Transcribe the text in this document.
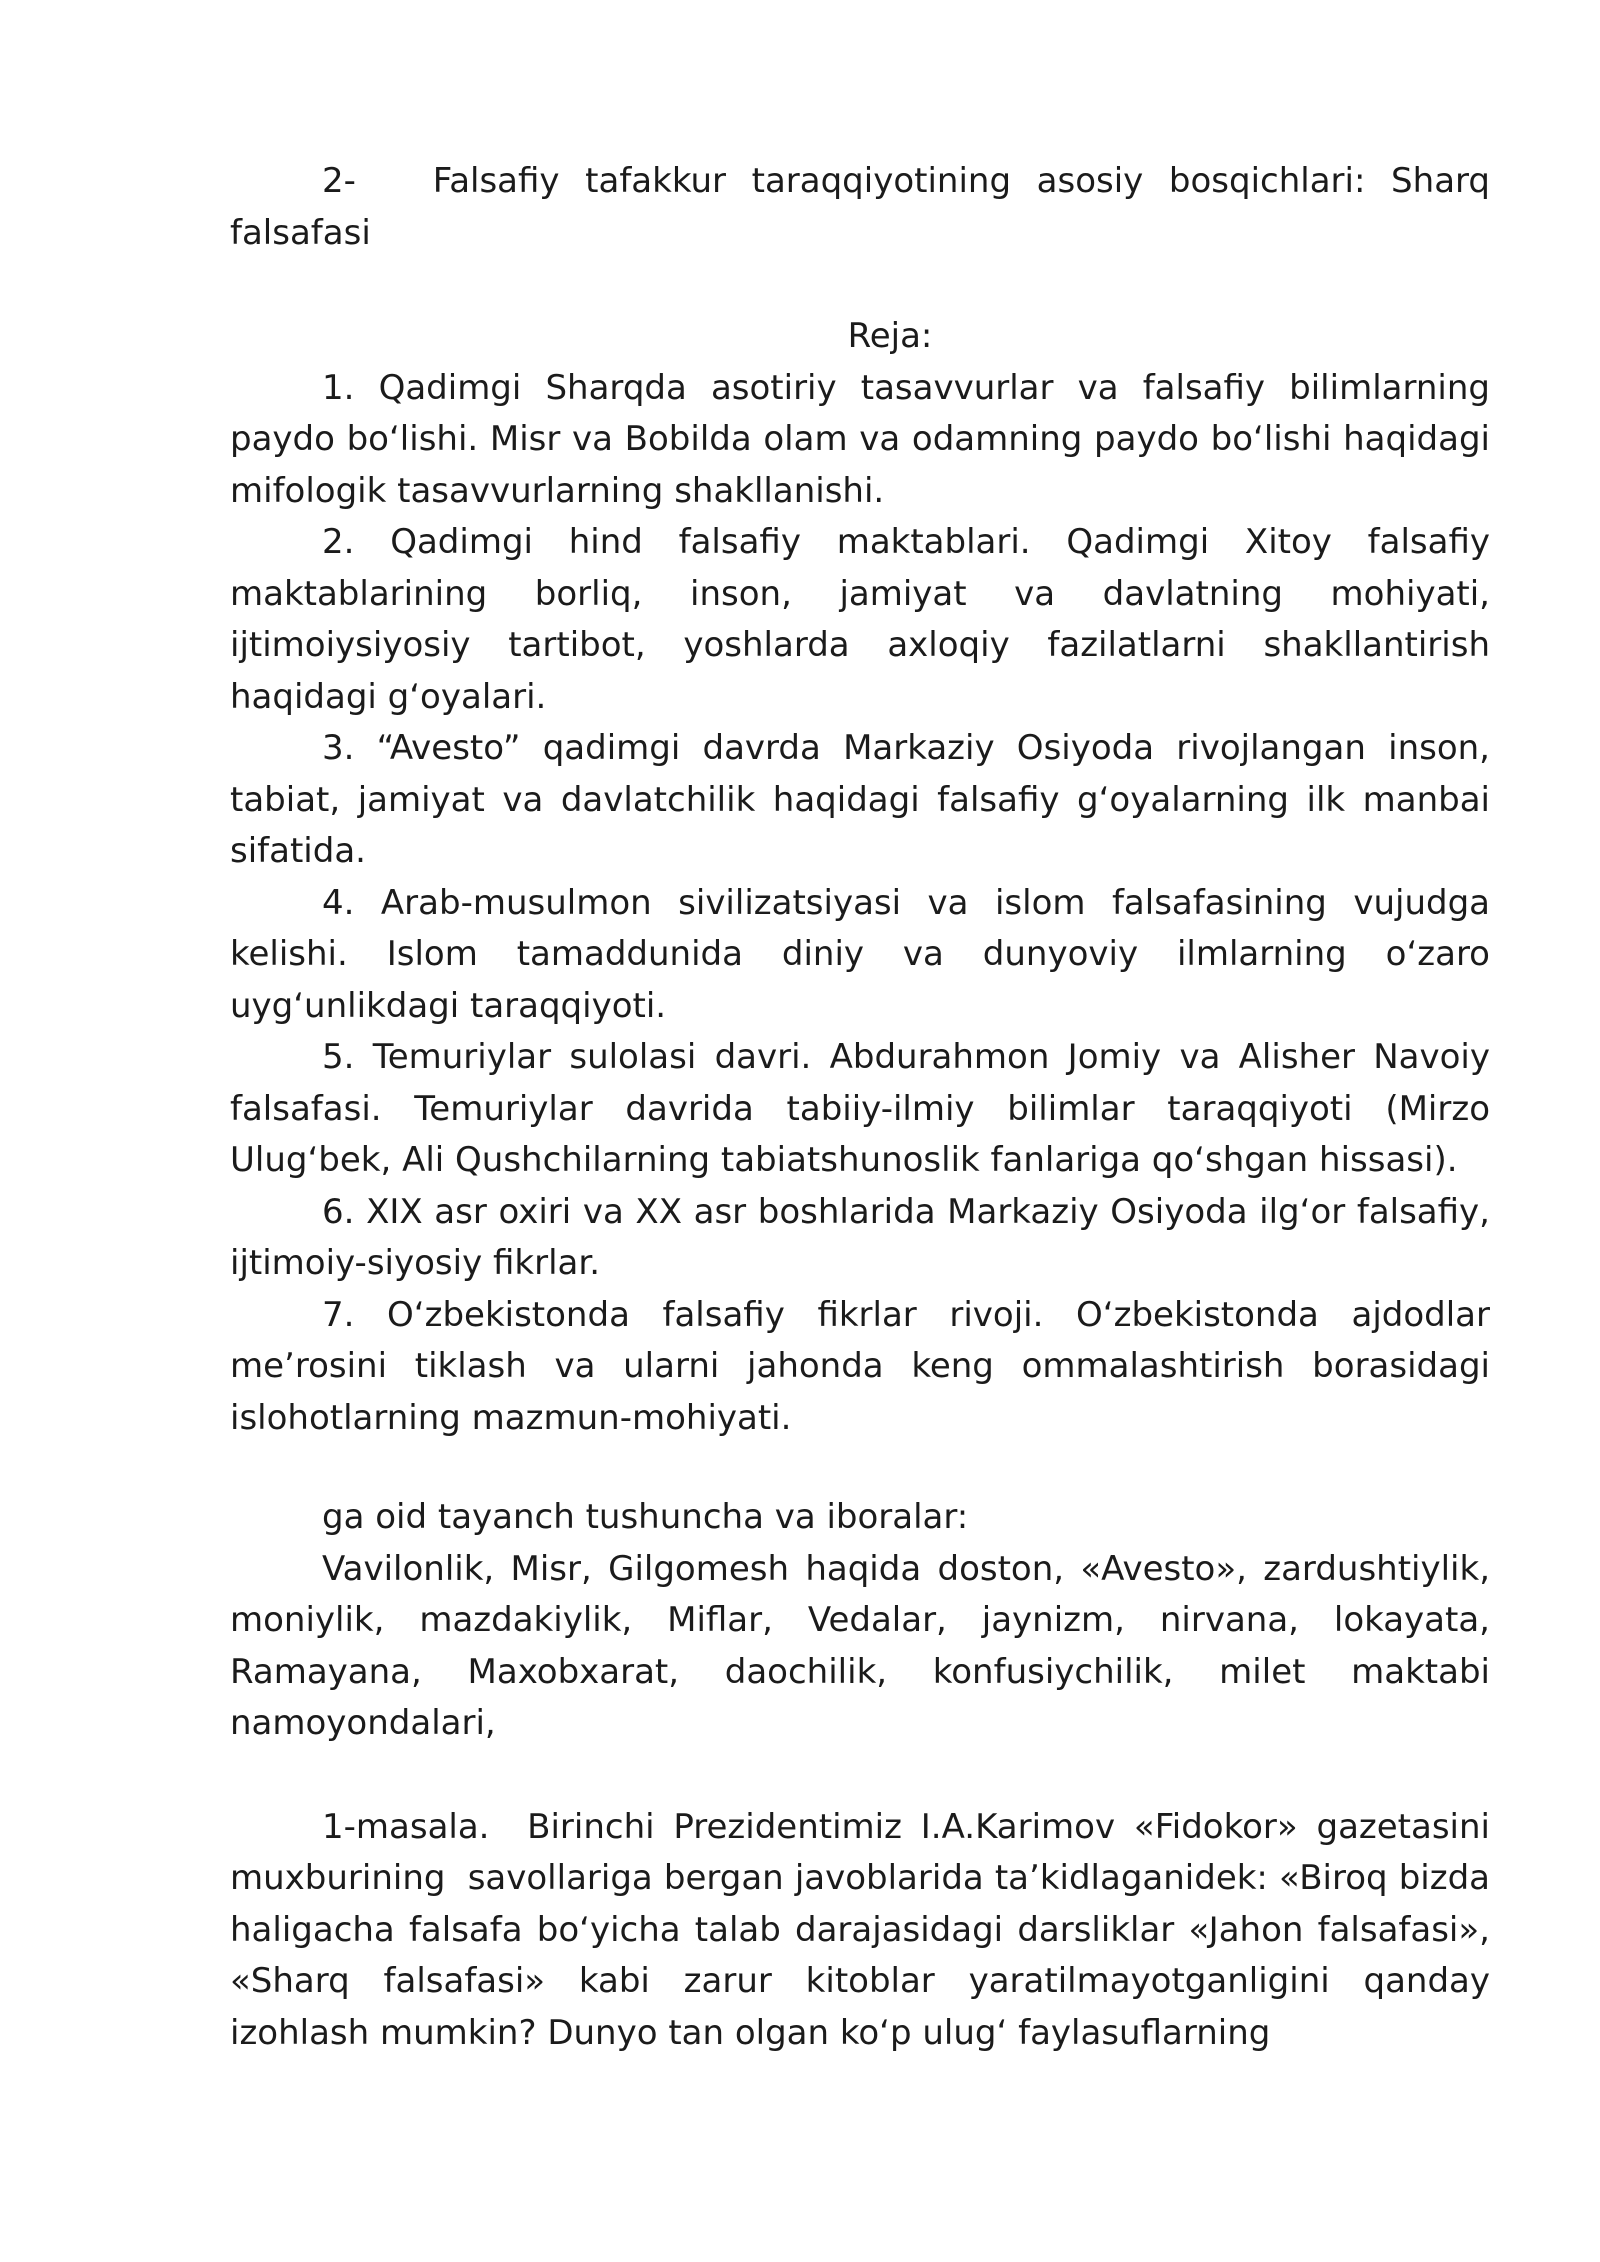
2-   Falsafiy tafakkur taraqqiyotining asosiy bosqichlari: Sharq falsafasi

Reja:

1. Qadimgi Sharqda asotiriy tasavvurlar va falsafiy bilimlarning paydo bo‘lishi. Misr va Bobilda olam va odamning paydo bo‘lishi haqidagi mifologik tasavvurlarning shakllanishi.

2. Qadimgi hind falsafiy maktablari. Qadimgi Xitoy falsafiy maktablarining borliq, inson, jamiyat va davlatning mohiyati, ijtimoiysiyosiy tartibot, yoshlarda axloqiy fazilatlarni shakllantirish haqidagi g‘oyalari.

3. “Avesto” qadimgi davrda Markaziy Osiyoda rivojlangan inson, tabiat, jamiyat va davlatchilik haqidagi falsafiy g‘oyalarning ilk manbai sifatida.

4. Arab-musulmon sivilizatsiyasi va islom falsafasining vujudga kelishi. Islom tamaddunida diniy va dunyoviy ilmlarning o‘zaro uyg‘unlikdagi taraqqiyoti.

5. Temuriylar sulolasi davri. Abdurahmon Jomiy va Alisher Navoiy falsafasi. Temuriylar davrida tabiiy-ilmiy bilimlar taraqqiyoti (Mirzo Ulug‘bek, Ali Qushchilarning tabiatshunoslik fanlariga qo‘shgan hissasi).

6. XIX asr oxiri va XX asr boshlarida Markaziy Osiyoda ilg‘or falsafiy, ijtimoiy-siyosiy fikrlar.

7. O‘zbekistonda falsafiy fikrlar rivoji. O‘zbekistonda ajdodlar me’rosini tiklash va ularni jahonda keng ommalashtirish borasidagi islohotlarning mazmun-mohiyati.

ga oid tayanch tushuncha va iboralar:

Vavilonlik, Misr, Gilgomesh haqida doston, «Avesto», zardushtiylik, moniylik, mazdakiylik, Miflar, Vedalar, jaynizm, nirvana, lokayata, Ramayana, Maxobxarat, daochilik, konfusiychilik, milet maktabi namoyondalari,

1-masala.  Birinchi Prezidentimiz I.A.Karimov «Fidokor» gazetasini muxburining  savollariga bergan javoblarida ta’kidlaganidek: «Biroq bizda haligacha falsafa bo‘yicha talab darajasidagi darsliklar «Jahon falsafasi», «Sharq falsafasi» kabi zarur kitoblar yaratilmayotganligini qanday izohlash mumkin? Dunyo tan olgan ko‘p ulug‘ faylasuflarning
